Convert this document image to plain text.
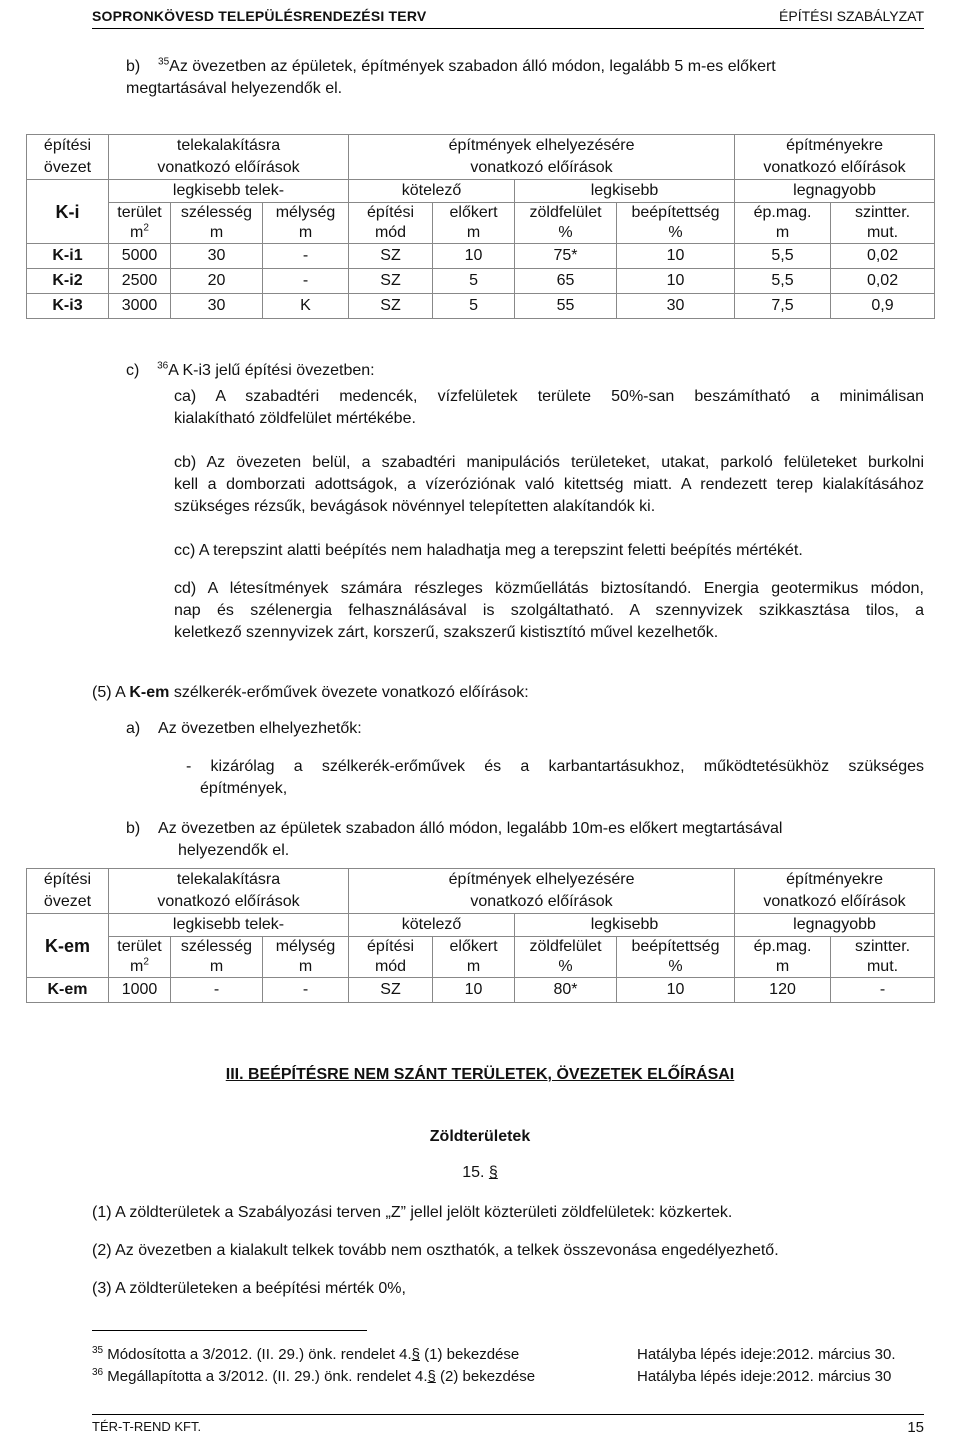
SOPRONKÖVESD TELEPÜLÉSRENDEZÉSI TERV	ÉPÍTÉSI SZABÁLYZAT
b) $^{35}$Az övezetben az épületek, építmények szabadon álló módon, legalább 5 m-es előkert
megtartásával helyezendők el.
építési	telekalakításra			építmények elhelyezésére				építményekre	
övezet	vonatkozó előírások			vonatkozó előírások				vonatkozó előírások	
K-i	legkisebb telek-			kötelező		legkisebb		legnagyobb	
	terület	szélesség	mélység	építési	előkert	zöldfelület	beépítettség	ép.mag.	szintter.
	$m^2$	m	m	mód	m	%	%	m	mut.
K-i1	5000	30	-	SZ	10	75*	10	5,5	0,02
K-i2	2500	20	-	SZ	5	65	10	5,5	0,02
K-i3	3000	30	K	SZ	5	55	30	7,5	0,9
c) $^{36}$A K-i3 jelű építési övezetben:
ca) A szabadtéri medencék, vízfelületek területe 50%-san beszámítható a minimálisan
kialakítható zöldfelület mértékébe.
cb) Az övezeten belül, a szabadtéri manipulációs területeket, utakat, parkoló felületeket burkolni
kell a domborzati adottságok, a vízeróziónak való kitettség miatt. A rendezett terep kialakításához
szükséges rézsűk, bevágások növénnyel telepítetten alakítandók ki.
cc) A terepszint alatti beépítés nem haladhatja meg a terepszint feletti beépítés mértékét.
cd) A létesítmények számára részleges közműellátás biztosítandó. Energia geotermikus módon,
nap és szélenergia felhasználásával is szolgáltatható. A szennyvizek szikkasztása tilos, a
keletkező szennyvizek zárt, korszerű, szakszerű kistisztító művel kezelhetők.
(5) A K-em szélkerék-erőművek övezete vonatkozó előírások:
a) Az övezetben elhelyezhetők:
- kizárólag a szélkerék-erőművek és a karbantartásukhoz, működtetésükhöz szükséges
építmények,
b) Az övezetben az épületek szabadon álló módon, legalább 10m-es előkert megtartásával
helyezendők el.
építési	telekalakításra			építmények elhelyezésére				építményekre	
övezet	vonatkozó előírások			vonatkozó előírások				vonatkozó előírások	
K-em	legkisebb telek-			kötelező		legkisebb		legnagyobb	
	terület	szélesség	mélység	építési	előkert	zöldfelület	beépítettség	ép.mag.	szintter.
	$m^2$	m	m	mód	m	%	%	m	mut.
K-em	1000	-	-	SZ	10	80*	10	120	-
III. BEÉPÍTÉSRE NEM SZÁNT TERÜLETEK, ÖVEZETEK ELŐÍRÁSAI
Zöldterületek
15. §
(1) A zöldterületek a Szabályozási terven „Z” jellel jelölt közterületi zöldfelületek: közkertek.
(2) Az övezetben a kialakult telkek tovább nem oszthatók, a telkek összevonása engedélyezhető.
(3) A zöldterületeken a beépítési mérték 0%,
$^{35}$ Módosította a 3/2012. (II. 29.) önk. rendelet 4.§ (1) bekezdése	Hatályba lépés ideje:2012. március 30.
$^{36}$ Megállapította a 3/2012. (II. 29.) önk. rendelet 4.§ (2) bekezdése	Hatályba lépés ideje:2012. március 30
TÉR-T-REND KFT.	15
